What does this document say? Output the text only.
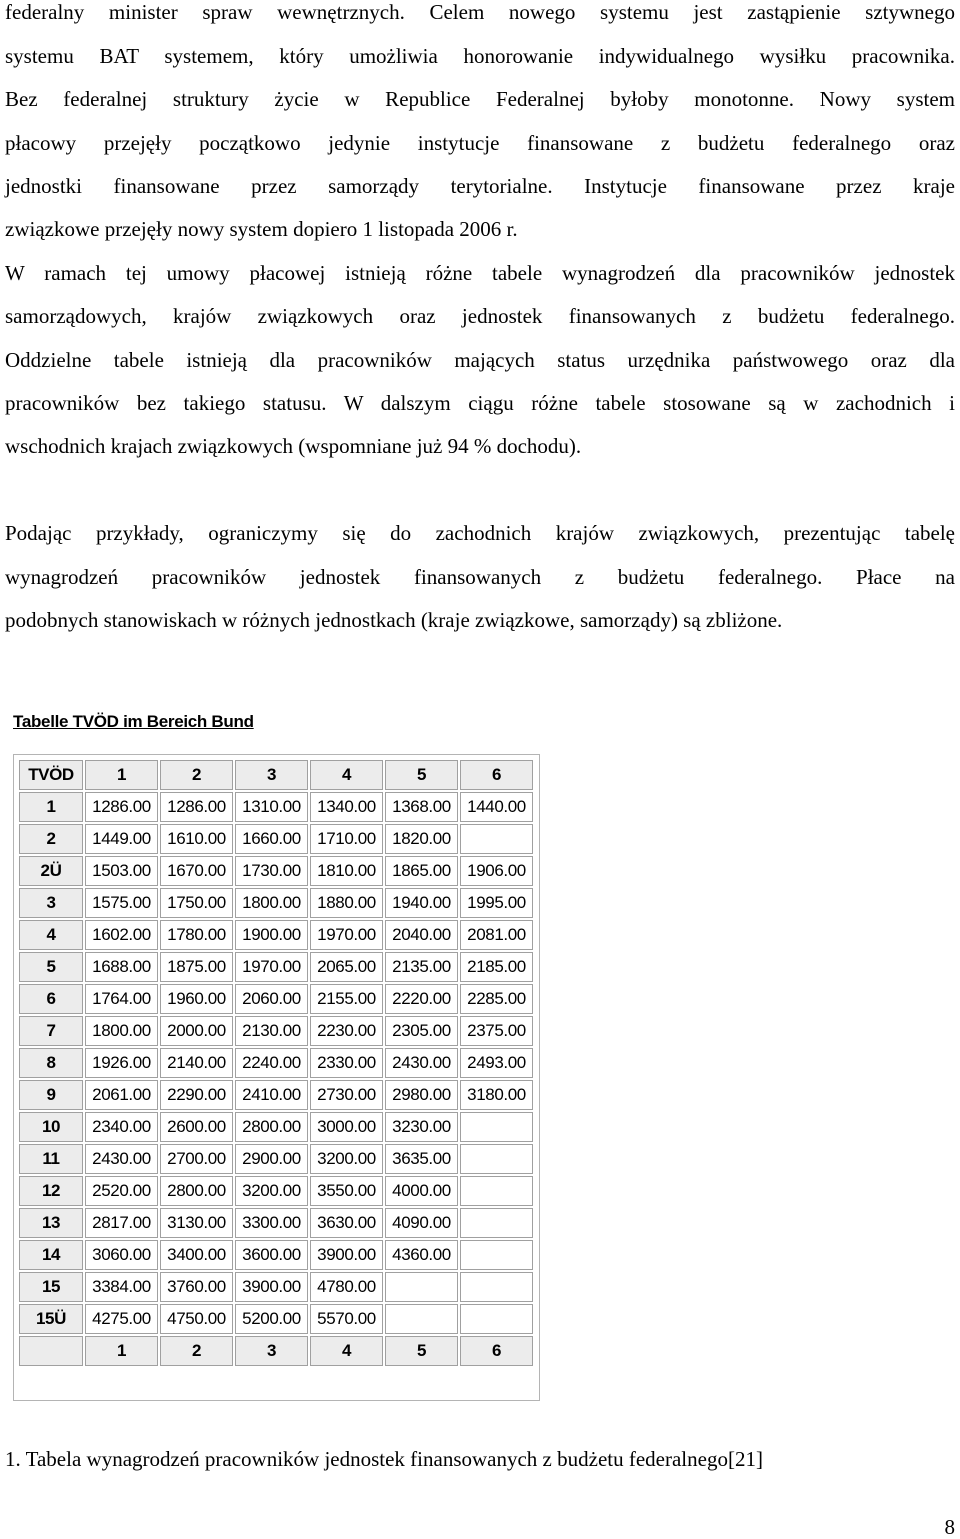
federalny minister spraw wewnętrznych. Celem nowego systemu jest zastąpienie sztywnego
systemu BAT systemem, który umożliwia honorowanie indywidualnego wysiłku pracownika.
Bez federalnej struktury życie w Republice Federalnej byłoby monotonne. Nowy system
płacowy przejęły początkowo jedynie instytucje finansowane z budżetu federalnego oraz
jednostki finansowane przez samorządy terytorialne. Instytucje finansowane przez kraje
związkowe przejęły nowy system dopiero 1 listopada 2006 r.
W ramach tej umowy płacowej istnieją różne tabele wynagrodzeń dla pracowników jednostek
samorządowych, krajów związkowych oraz jednostek finansowanych z budżetu federalnego.
Oddzielne tabele istnieją dla pracowników mających status urzędnika państwowego oraz dla
pracowników bez takiego statusu. W dalszym ciągu różne tabele stosowane są w zachodnich i
wschodnich krajach związkowych (wspomniane już 94 % dochodu).
Podając przykłady, ograniczymy się do zachodnich krajów związkowych, prezentując tabelę
wynagrodzeń pracowników jednostek finansowanych z budżetu federalnego. Płace na
podobnych stanowiskach w różnych jednostkach (kraje związkowe, samorządy) są zbliżone.
Tabelle TVÖD im Bereich Bund
TVÖD	1	2	3	4	5	6
1	1286.00	1286.00	1310.00	1340.00	1368.00	1440.00
2	1449.00	1610.00	1660.00	1710.00	1820.00	
2Ü	1503.00	1670.00	1730.00	1810.00	1865.00	1906.00
3	1575.00	1750.00	1800.00	1880.00	1940.00	1995.00
4	1602.00	1780.00	1900.00	1970.00	2040.00	2081.00
5	1688.00	1875.00	1970.00	2065.00	2135.00	2185.00
6	1764.00	1960.00	2060.00	2155.00	2220.00	2285.00
7	1800.00	2000.00	2130.00	2230.00	2305.00	2375.00
8	1926.00	2140.00	2240.00	2330.00	2430.00	2493.00
9	2061.00	2290.00	2410.00	2730.00	2980.00	3180.00
10	2340.00	2600.00	2800.00	3000.00	3230.00	
11	2430.00	2700.00	2900.00	3200.00	3635.00	
12	2520.00	2800.00	3200.00	3550.00	4000.00	
13	2817.00	3130.00	3300.00	3630.00	4090.00	
14	3060.00	3400.00	3600.00	3900.00	4360.00	
15	3384.00	3760.00	3900.00	4780.00		
15Ü	4275.00	4750.00	5200.00	5570.00		
	1	2	3	4	5	6
1. Tabela wynagrodzeń pracowników jednostek finansowanych z budżetu federalnego[21]
8
